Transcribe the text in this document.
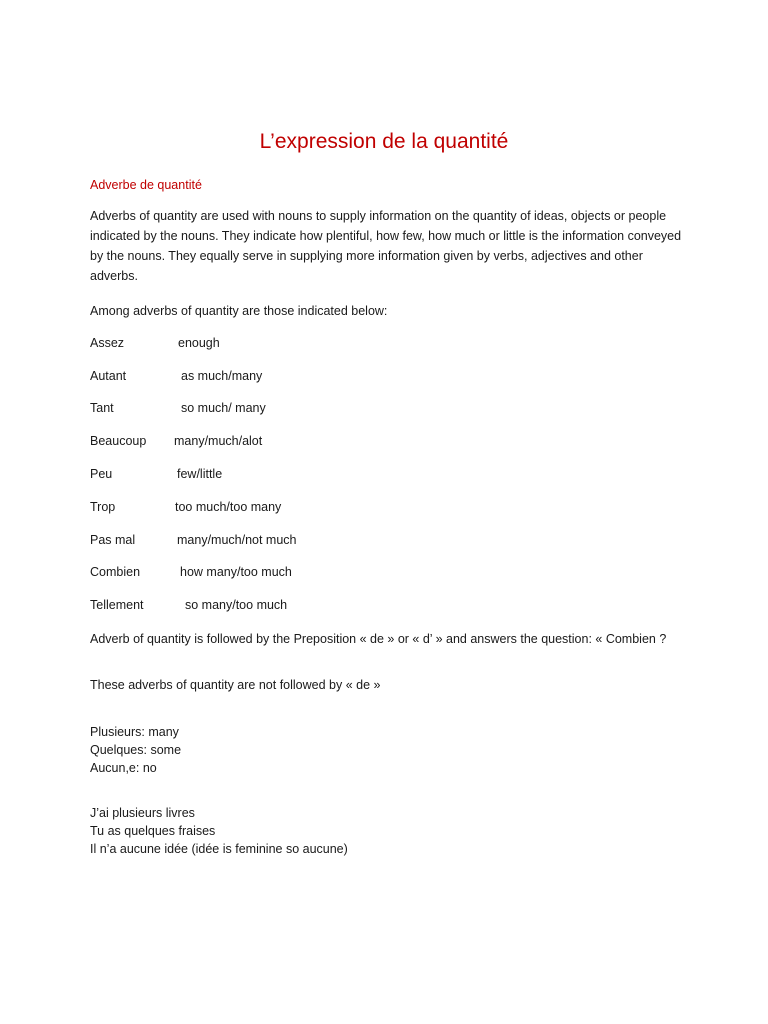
L’expression de la quantité
Adverbe de quantité
Adverbs of quantity are used with nouns to supply information on the quantity of ideas, objects or people indicated by the nouns. They indicate how plentiful, how few, how much or little is the information conveyed by the nouns. They equally serve in supplying more information given by verbs, adjectives and other adverbs.
Among adverbs of quantity are those indicated below:
Assez	enough
Autant	as much/many
Tant	so much/ many
Beaucoup many/much/alot
Peu	few/little
Trop	too much/too many
Pas mal	many/much/not much
Combien	how many/too much
Tellement	so many/too much
Adverb of quantity is followed by the Preposition « de » or « d’ » and answers the question: « Combien ?
These adverbs of quantity are not followed by « de »
Plusieurs: many
Quelques: some
Aucun,e: no
J’ai plusieurs livres
Tu as quelques fraises
Il n’a aucune idée (idée is feminine so aucune)
